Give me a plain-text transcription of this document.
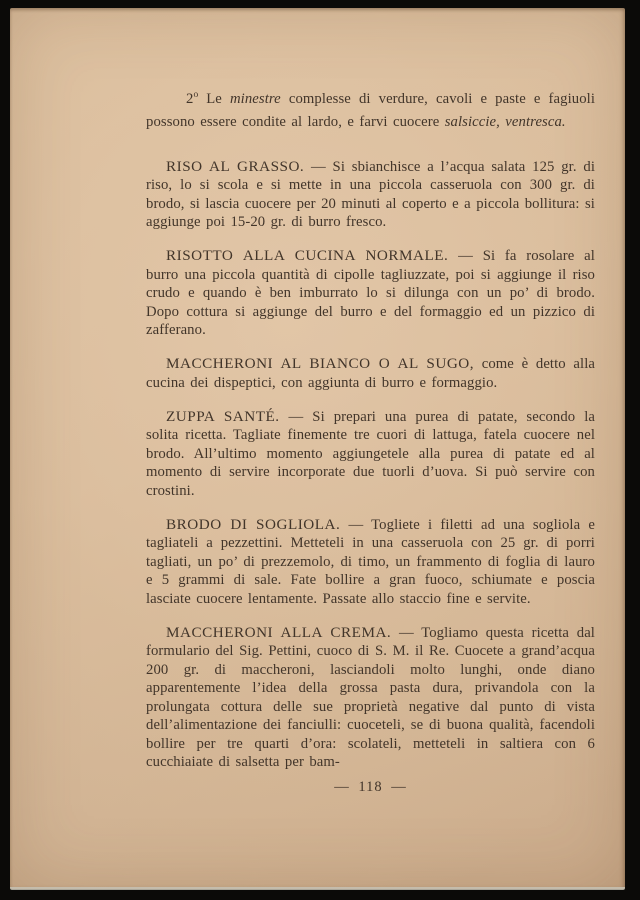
2$^o$ Le minestre complesse di verdure, cavoli e paste e fagiuoli possono essere condite al lardo, e farvi cuocere salsiccie, ventresca.

RISO AL GRASSO. — Si sbianchisce a l’acqua salata 125 gr. di riso, lo si scola e si mette in una piccola casseruola con 300 gr. di brodo, si lascia cuocere per 20 minuti al coperto e a piccola bollitura: si aggiunge poi 15-20 gr. di burro fresco.

RISOTTO ALLA CUCINA NORMALE. — Si fa rosolare al burro una piccola quantità di cipolle tagliuzzate, poi si aggiunge il riso crudo e quando è ben imburrato lo si dilunga con un po’ di brodo. Dopo cottura si aggiunge del burro e del formaggio ed un pizzico di zafferano.

MACCHERONI AL BIANCO O AL SUGO, come è detto alla cucina dei dispeptici, con aggiunta di burro e formaggio.

ZUPPA SANTÉ. — Si prepari una purea di patate, secondo la solita ricetta. Tagliate finemente tre cuori di lattuga, fatela cuocere nel brodo. All’ultimo momento aggiungetele alla purea di patate ed al momento di servire incorporate due tuorli d’uova. Si può servire con crostini.

BRODO DI SOGLIOLA. — Togliete i filetti ad una sogliola e tagliateli a pezzettini. Metteteli in una casseruola con 25 gr. di porri tagliati, un po’ di prezzemolo, di timo, un frammento di foglia di lauro e 5 grammi di sale. Fate bollire a gran fuoco, schiumate e poscia lasciate cuocere lentamente. Passate allo staccio fine e servite.

MACCHERONI ALLA CREMA. — Togliamo questa ricetta dal formulario del Sig. Pettini, cuoco di S. M. il Re. Cuocete a grand’acqua 200 gr. di maccheroni, lasciandoli molto lunghi, onde diano apparentemente l’idea della grossa pasta dura, privandola con la prolungata cottura delle sue proprietà negative dal punto di vista dell’alimentazione dei fanciulli: cuoceteli, se di buona qualità, facendoli bollire per tre quarti d’ora: scolateli, metteteli in saltiera con 6 cucchiaiate di salsetta per bam-

— 118 —
